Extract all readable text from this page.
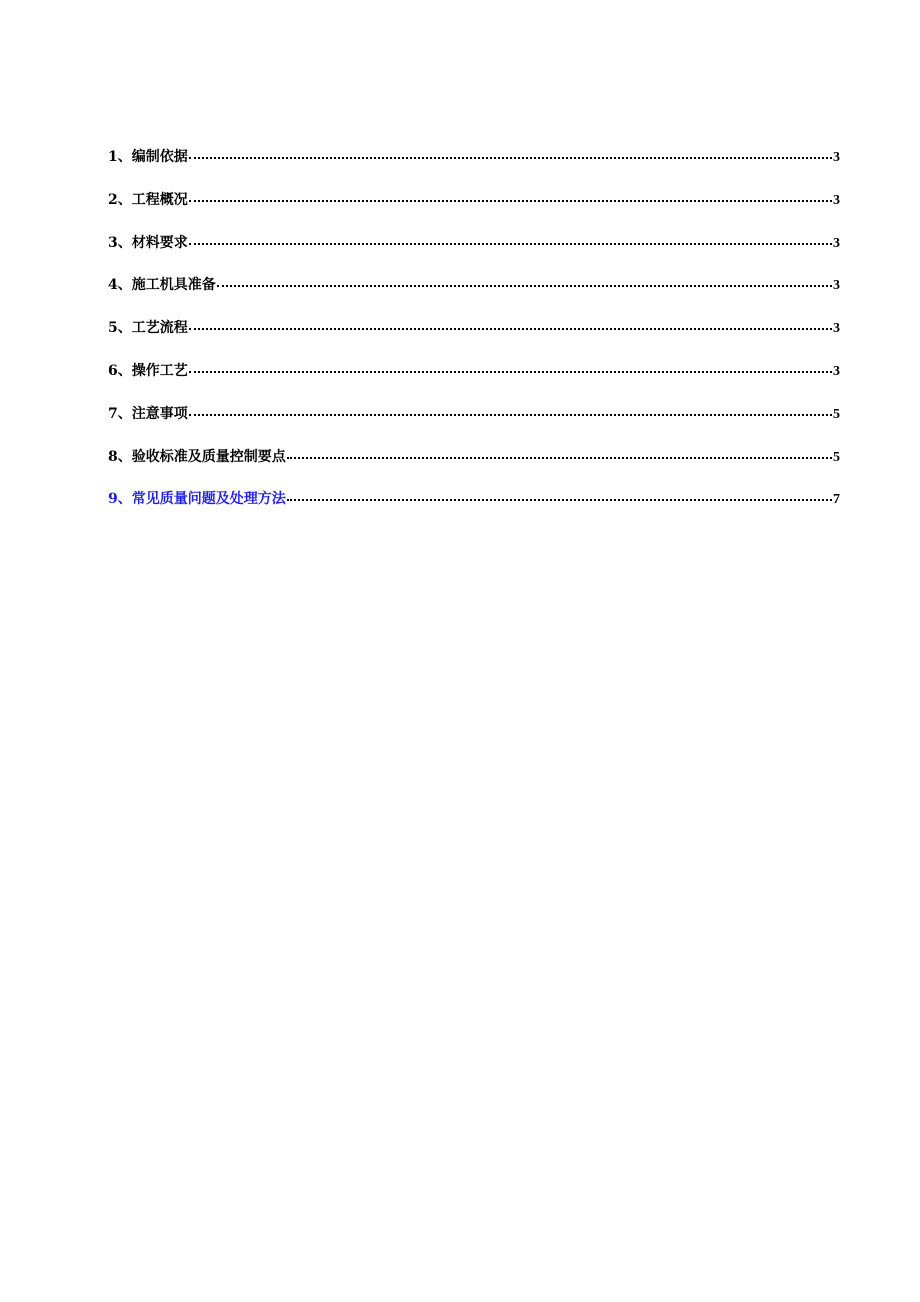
1、 编制依据	3
2、 工程概况	3
3、 材料要求	3
4、 施工机具准备	3
5、 工艺流程	3
6、 操作工艺	3
7、 注意事项	5
8、 验收标准及质量控制要点	5
9、 常见质量问题及处理方法	7
